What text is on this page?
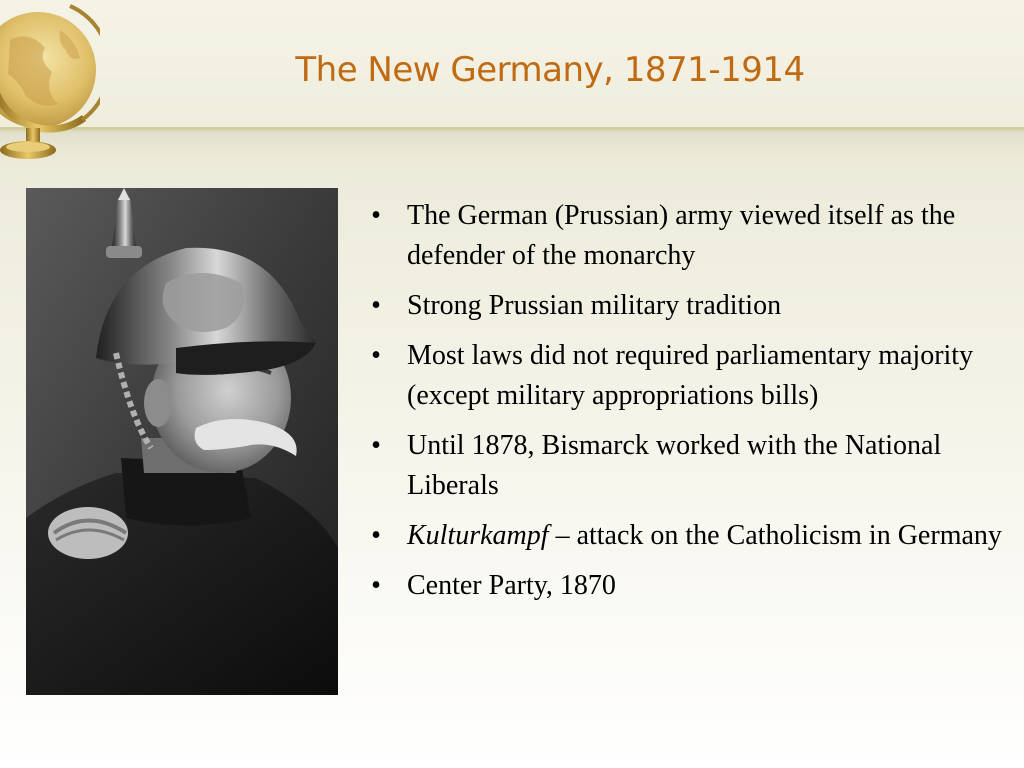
The New Germany, 1871-1914
• The German (Prussian) army viewed itself as the defender of the monarchy
• Strong Prussian military tradition
• Most laws did not required parliamentary majority (except military appropriations bills)
• Until 1878, Bismarck worked with the National Liberals
• Kulturkampf – attack on the Catholicism in Germany
• Center Party, 1870
